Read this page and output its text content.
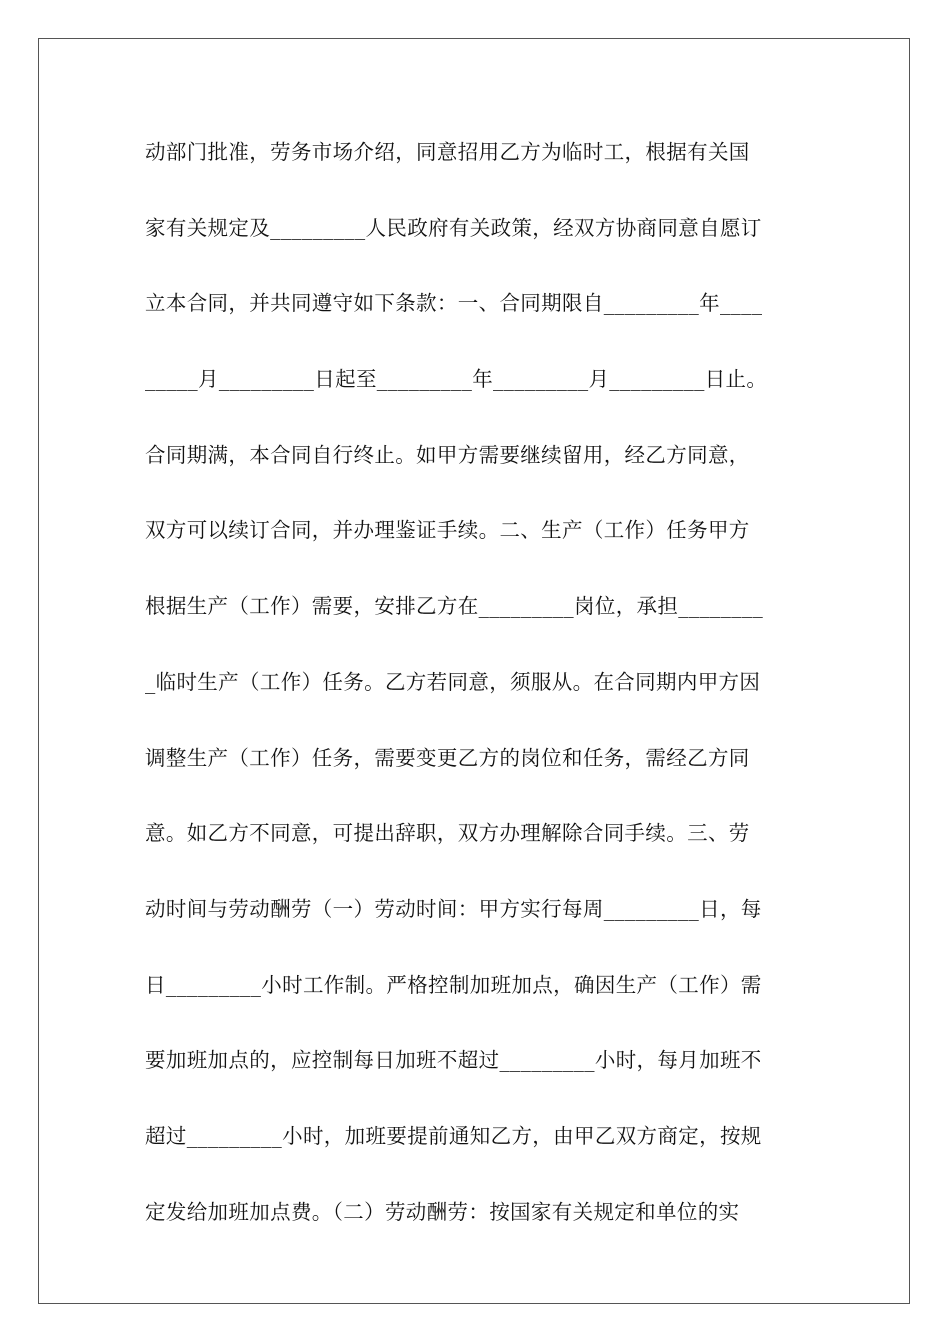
动部门批准，劳务市场介绍，同意招用乙方为临时工，根据有关国
家有关规定及_________人民政府有关政策，经双方协商同意自愿订
立本合同，并共同遵守如下条款：一、合同期限自_________年____
_____月_________日起至_________年_________月_________日止。
合同期满，本合同自行终止。如甲方需要继续留用，经乙方同意，
双方可以续订合同，并办理鉴证手续。二、生产（工作）任务甲方
根据生产（工作）需要，安排乙方在_________岗位，承担________
_临时生产（工作）任务。乙方若同意，须服从。在合同期内甲方因
调整生产（工作）任务，需要变更乙方的岗位和任务，需经乙方同
意。如乙方不同意，可提出辞职，双方办理解除合同手续。三、劳
动时间与劳动酬劳（一）劳动时间：甲方实行每周_________日，每
日_________小时工作制。严格控制加班加点，确因生产（工作）需
要加班加点的，应控制每日加班不超过_________小时，每月加班不
超过_________小时，加班要提前通知乙方，由甲乙双方商定，按规
定发给加班加点费。（二）劳动酬劳：按国家有关规定和单位的实
